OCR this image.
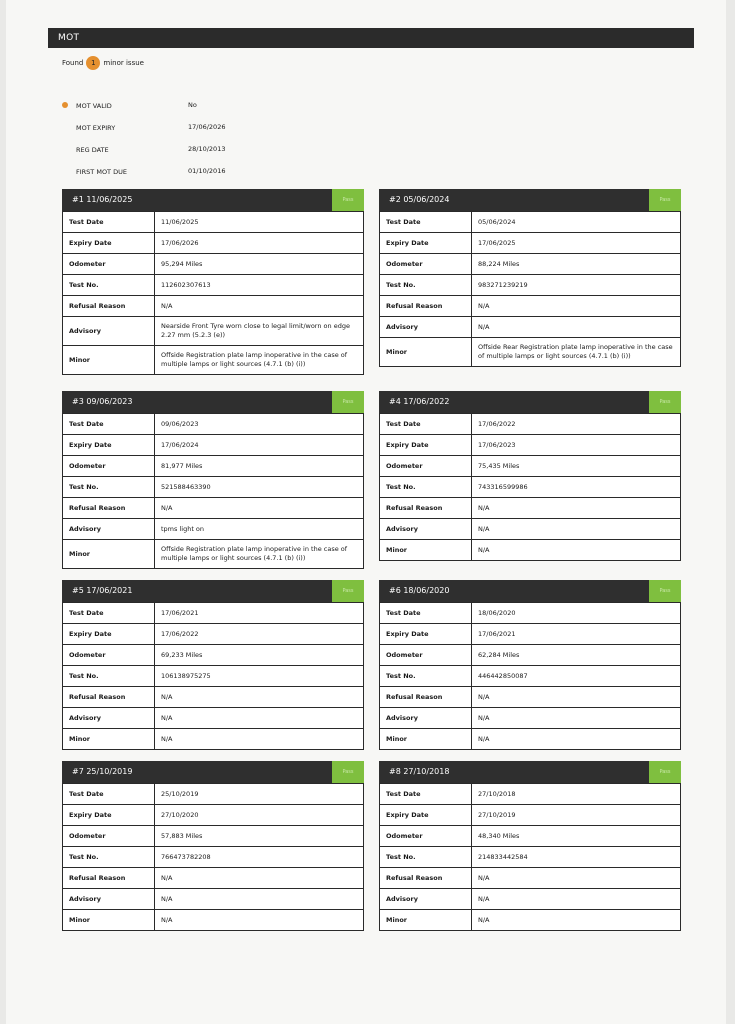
MOT
Found	1	minor issue
MOT VALID	No
MOT EXPIRY	17/06/2026
REG DATE	28/10/2013
FIRST MOT DUE	01/10/2016
#1 11/06/2025	Pass
Test Date	11/06/2025
Expiry Date	17/06/2026
Odometer	95,294 Miles
Test No.	112602307613
Refusal Reason	N/A
Advisory	Nearside Front Tyre worn close to legal limit/worn on edge 2.27 mm (5.2.3 (e))
Minor	Offside Registration plate lamp inoperative in the case of multiple lamps or light sources (4.7.1 (b) (i))
#2 05/06/2024	Pass
Test Date	05/06/2024
Expiry Date	17/06/2025
Odometer	88,224 Miles
Test No.	983271239219
Refusal Reason	N/A
Advisory	N/A
Minor	Offside Rear Registration plate lamp inoperative in the case of multiple lamps or light sources (4.7.1 (b) (i))
#3 09/06/2023	Pass
Test Date	09/06/2023
Expiry Date	17/06/2024
Odometer	81,977 Miles
Test No.	521588463390
Refusal Reason	N/A
Advisory	tpms light on
Minor	Offside Registration plate lamp inoperative in the case of multiple lamps or light sources (4.7.1 (b) (i))
#4 17/06/2022	Pass
Test Date	17/06/2022
Expiry Date	17/06/2023
Odometer	75,435 Miles
Test No.	743316599986
Refusal Reason	N/A
Advisory	N/A
Minor	N/A
#5 17/06/2021	Pass
Test Date	17/06/2021
Expiry Date	17/06/2022
Odometer	69,233 Miles
Test No.	106138975275
Refusal Reason	N/A
Advisory	N/A
Minor	N/A
#6 18/06/2020	Pass
Test Date	18/06/2020
Expiry Date	17/06/2021
Odometer	62,284 Miles
Test No.	446442850087
Refusal Reason	N/A
Advisory	N/A
Minor	N/A
#7 25/10/2019	Pass
Test Date	25/10/2019
Expiry Date	27/10/2020
Odometer	57,883 Miles
Test No.	766473782208
Refusal Reason	N/A
Advisory	N/A
Minor	N/A
#8 27/10/2018	Pass
Test Date	27/10/2018
Expiry Date	27/10/2019
Odometer	48,340 Miles
Test No.	214833442584
Refusal Reason	N/A
Advisory	N/A
Minor	N/A
